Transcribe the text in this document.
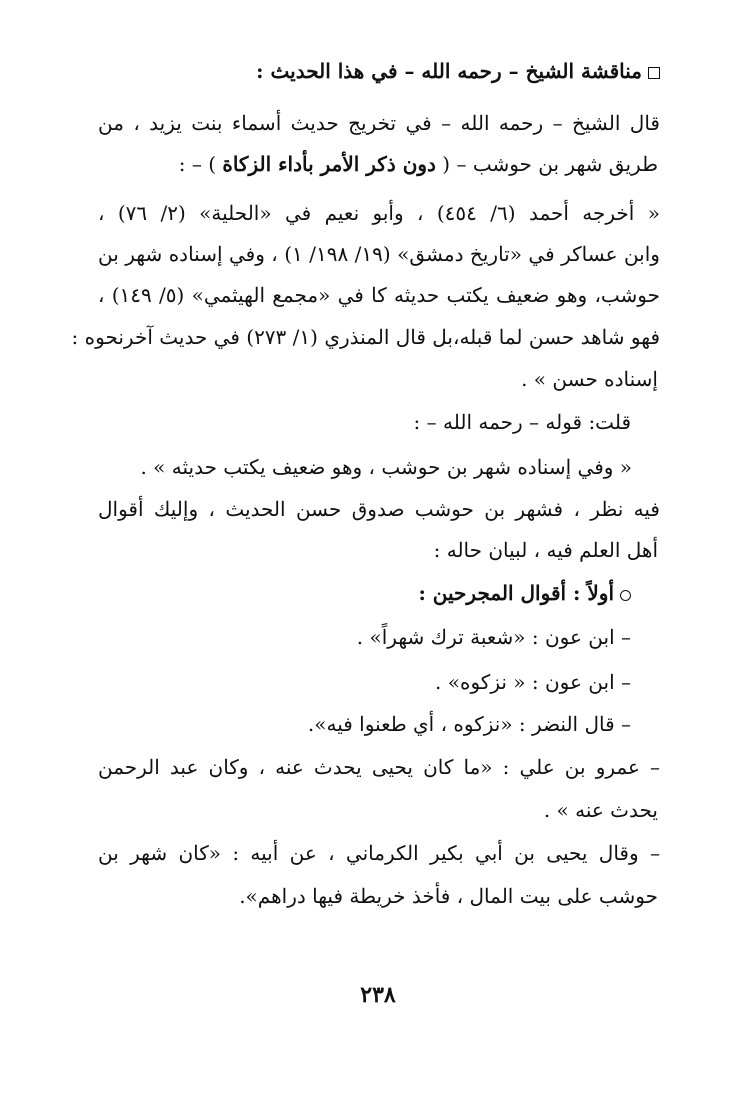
مناقشة الشيخ – رحمه الله – في هذا الحديث :
قال الشيخ – رحمه الله – في تخريج حديث أسماء بنت يزيد ، من
طريق شهر بن حوشب – ( دون ذكر الأمر بأداء الزكاة ) – :
« أخرجه أحمد (٦/ ٤٥٤) ، وأبو نعيم في «الحلية» (٢/ ٧٦) ،
وابن عساكر في «تاريخ دمشق» (١٩/ ١٩٨/ ١) ، وفي إسناده شهر بن
حوشب، وهو ضعيف يكتب حديثه كا في «مجمع الهيثمي» (٥/ ١٤٩) ،
فهو شاهد حسن لما قبله،بل قال المنذري (١/ ٢٧٣) في حديث آخرنحوه :
إسناده حسن » .
قلت: قوله – رحمه الله – :
« وفي إسناده شهر بن حوشب ، وهو ضعيف يكتب حديثه » .
فيه نظر ، فشهر بن حوشب صدوق حسن الحديث ، وإليك أقوال
أهل العلم فيه ، لبيان حاله :
أولاً : أقوال المجرحين :
– ابن عون : «شعبة ترك شهراً» .
– ابن عون : « نزكوه» .
– قال النضر : «نزكوه ، أي طعنوا فيه».
– عمرو بن علي : «ما كان يحيى يحدث عنه ، وكان عبد الرحمن
يحدث عنه » .
– وقال يحيى بن أبي بكير الكرماني ، عن أبيه : «كان شهر بن
حوشب على بيت المال ، فأخذ خريطة فيها دراهم».
٢٣٨
